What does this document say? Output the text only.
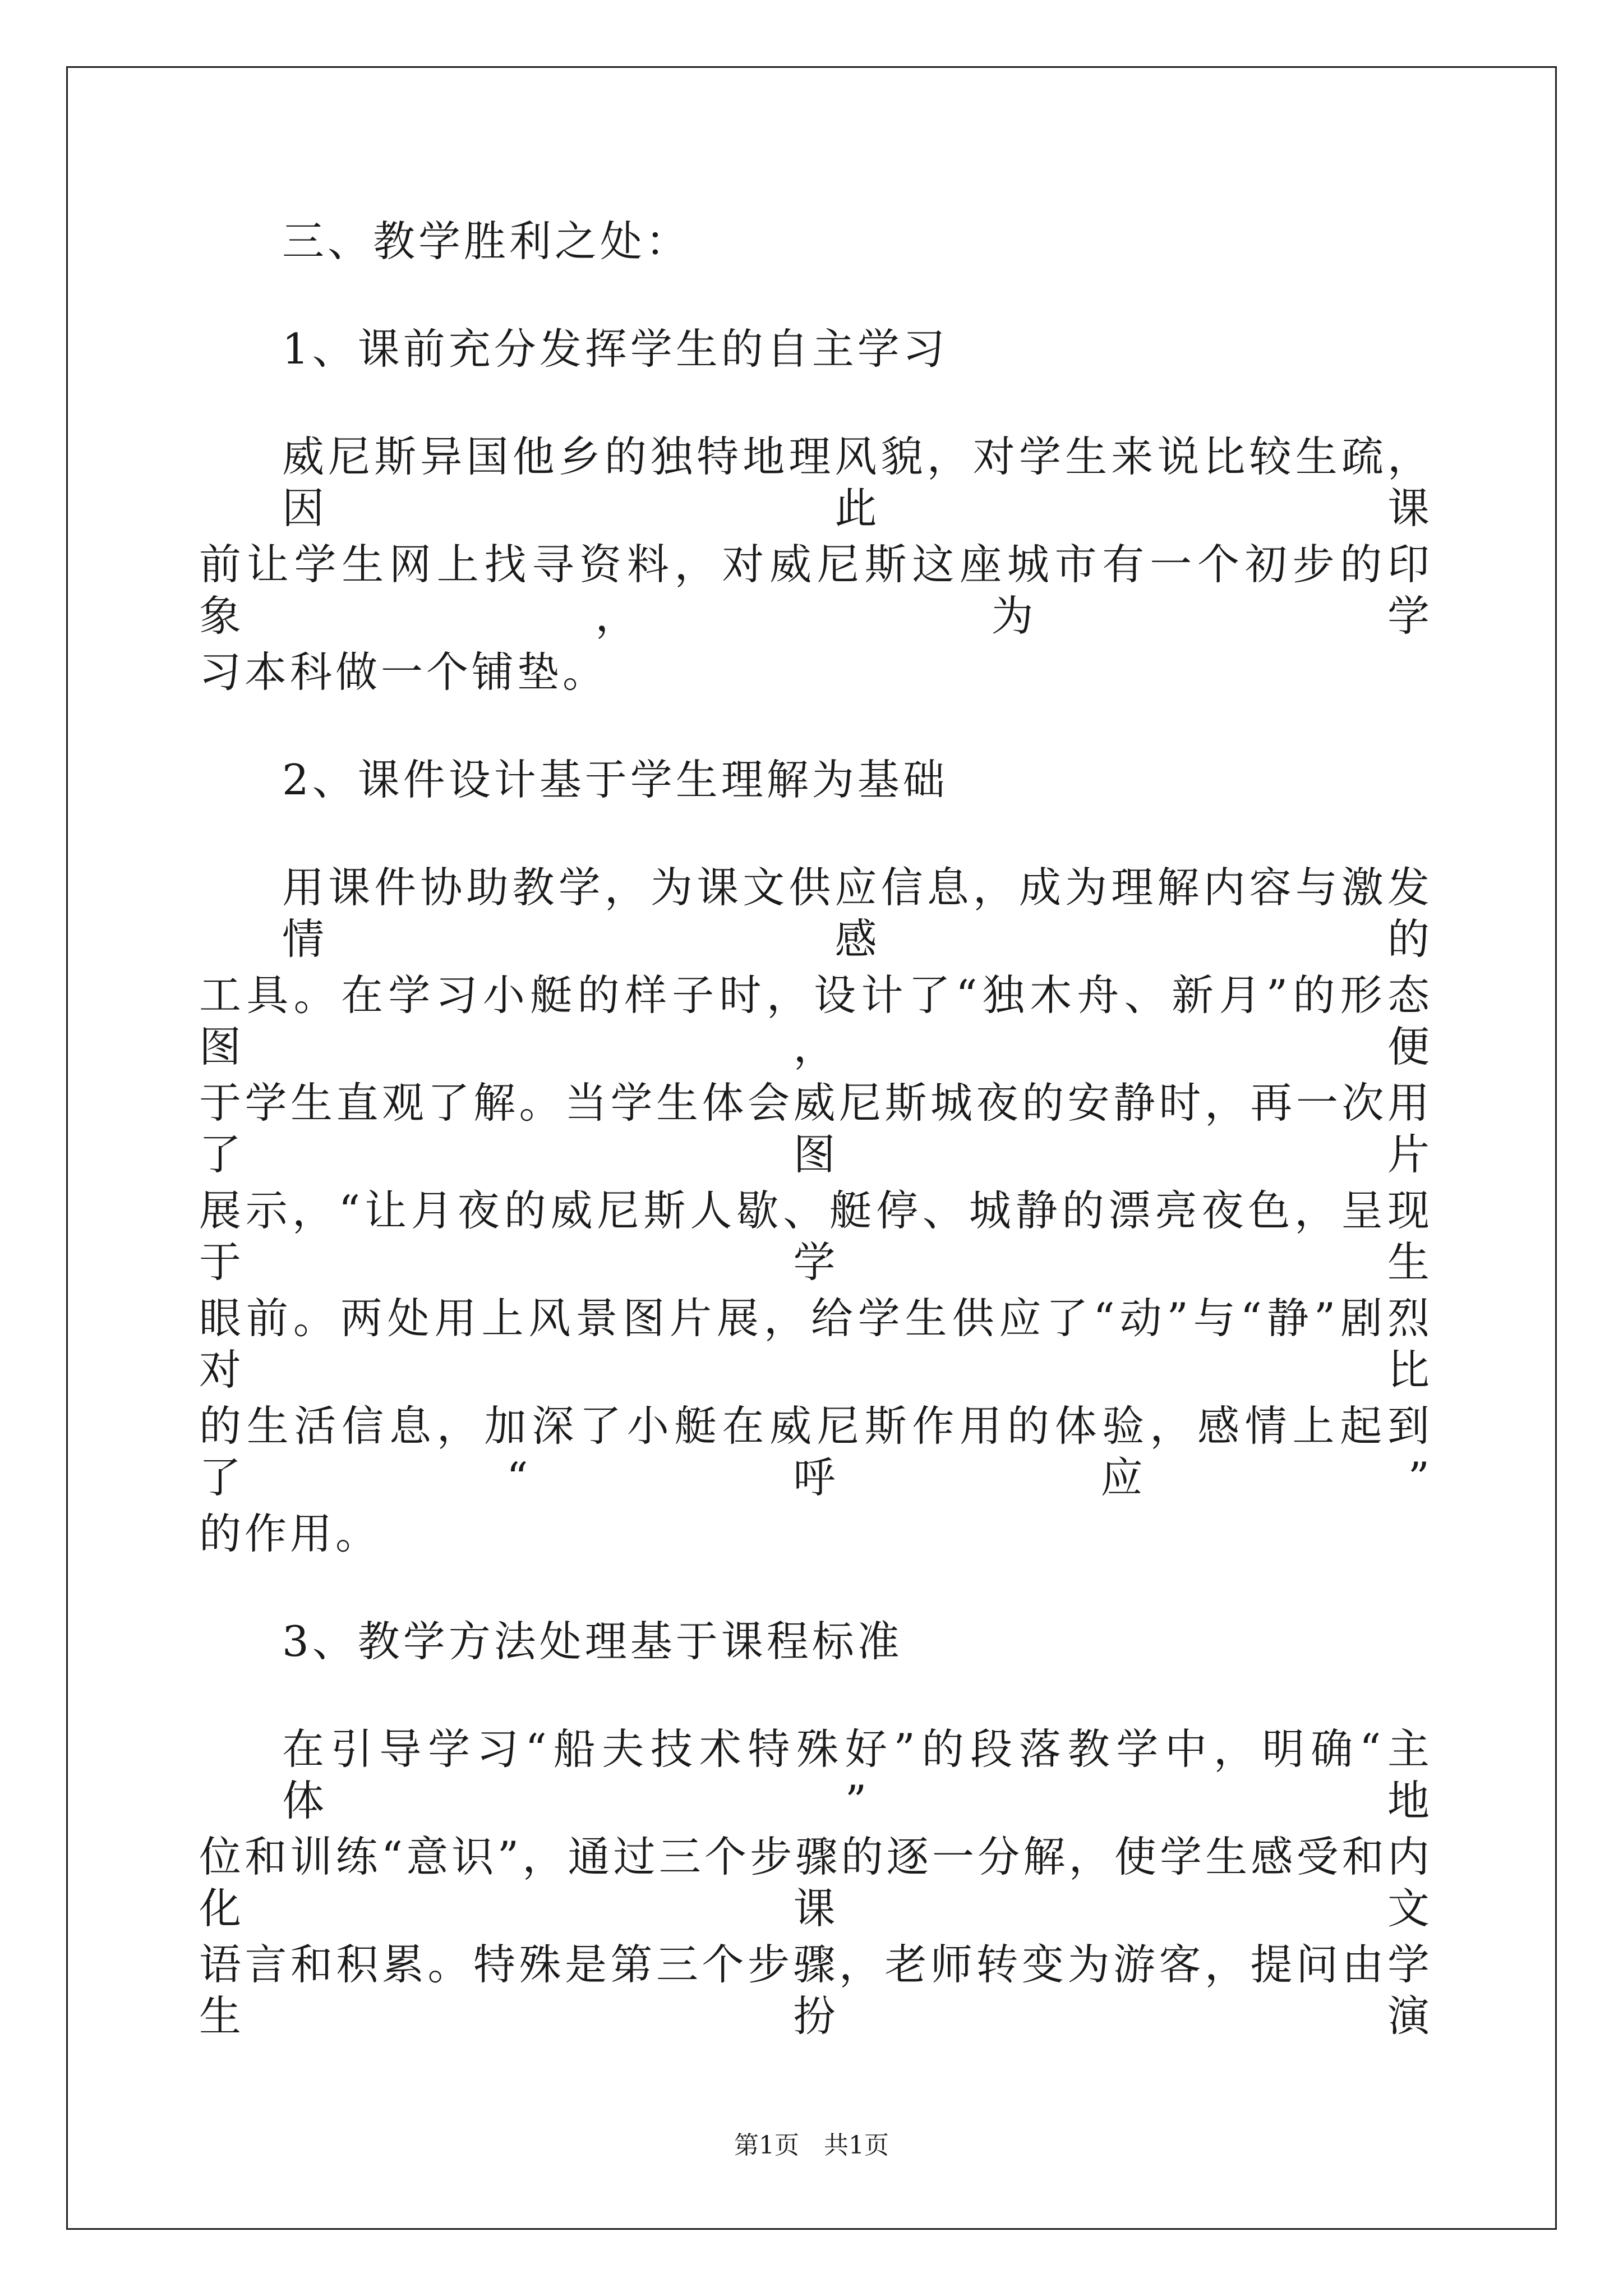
三、教学胜利之处：
1、课前充分发挥学生的自主学习
威尼斯异国他乡的独特地理风貌，对学生来说比较生疏，因此课
前让学生网上找寻资料，对威尼斯这座城市有一个初步的印象，为学
习本科做一个铺垫。
2、课件设计基于学生理解为基础
用课件协助教学，为课文供应信息，成为理解内容与激发情感的
工具。在学习小艇的样子时，设计了“独木舟、新月”的形态图，便
于学生直观了解。当学生体会威尼斯城夜的安静时，再一次用了图片
展示，“让月夜的威尼斯人歇、艇停、城静的漂亮夜色，呈现于学生
眼前。两处用上风景图片展，给学生供应了“动”与“静”剧烈对比
的生活信息，加深了小艇在威尼斯作用的体验，感情上起到了“呼应”
的作用。
3、教学方法处理基于课程标准
在引导学习“船夫技术特殊好”的段落教学中，明确“主体”地
位和训练“意识”，通过三个步骤的逐一分解，使学生感受和内化课文
语言和积累。特殊是第三个步骤，老师转变为游客，提问由学生扮演
第1页　共1页
